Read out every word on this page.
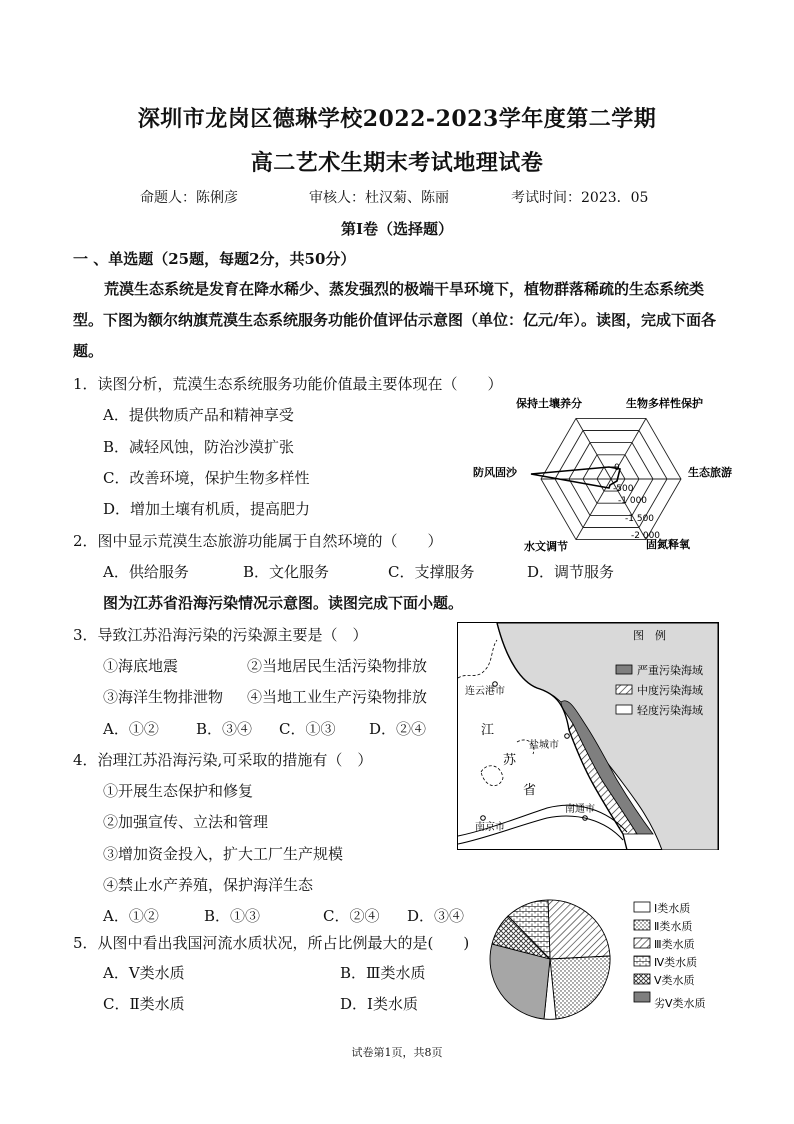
深圳市龙岗区德琳学校2022-2023学年度第二学期
高二艺术生期末考试地理试卷
命题人：陈俐彦	审核人：杜汉菊、陈丽	考试时间：2023．05
第Ⅰ卷（选择题）
一 、单选题（25题，每题2分，共50分）
荒漠生态系统是发育在降水稀少、蒸发强烈的极端干旱环境下，植物群落稀疏的生态系统类型。下图为额尔纳旗荒漠生态系统服务功能价值评估示意图（单位：亿元/年）。读图，完成下面各题。
1．读图分析，荒漠生态系统服务功能价值最主要体现在（　　）
A．提供物质产品和精神享受
B．减轻风蚀，防治沙漠扩张
C．改善环境，保护生物多样性
D．增加土壤有机质，提高肥力
0
-500
-1 000
-1 500
-2 000
保持土壤养分	生物多样性保护
生态旅游
固氮释氧
水文调节
防风固沙
2．图中显示荒漠生态旅游功能属于自然环境的（　　）
A．供给服务	B．文化服务	C．支撑服务	D．调节服务
图为江苏省沿海污染情况示意图。读图完成下面小题。
3．导致江苏沿海污染的污染源主要是（　）
①海底地震	②当地居民生活污染物排放
③海洋生物排泄物 ④当地工业生产污染物排放
A．①② B．③④ C．①③ D．②④
图　例
严重污染海域
中度污染海域
轻度污染海域
连云港市
盐城市
南通市
南京市
江
苏
省
4．治理江苏沿海污染,可采取的措施有（　）
①开展生态保护和修复
②加强宣传、立法和管理
③增加资金投入，扩大工厂生产规模
④禁止水产养殖，保护海洋生态
A．①②	B．①③	C．②④ D．③④
5．从图中看出我国河流水质状况，所占比例最大的是(　　)
A．Ⅴ类水质	B．Ⅲ类水质
C．Ⅱ类水质	D．Ⅰ类水质
Ⅰ类水质
Ⅱ类水质
Ⅲ类水质
Ⅳ类水质
Ⅴ类水质
劣Ⅴ类水质
试卷第1页，共8页
